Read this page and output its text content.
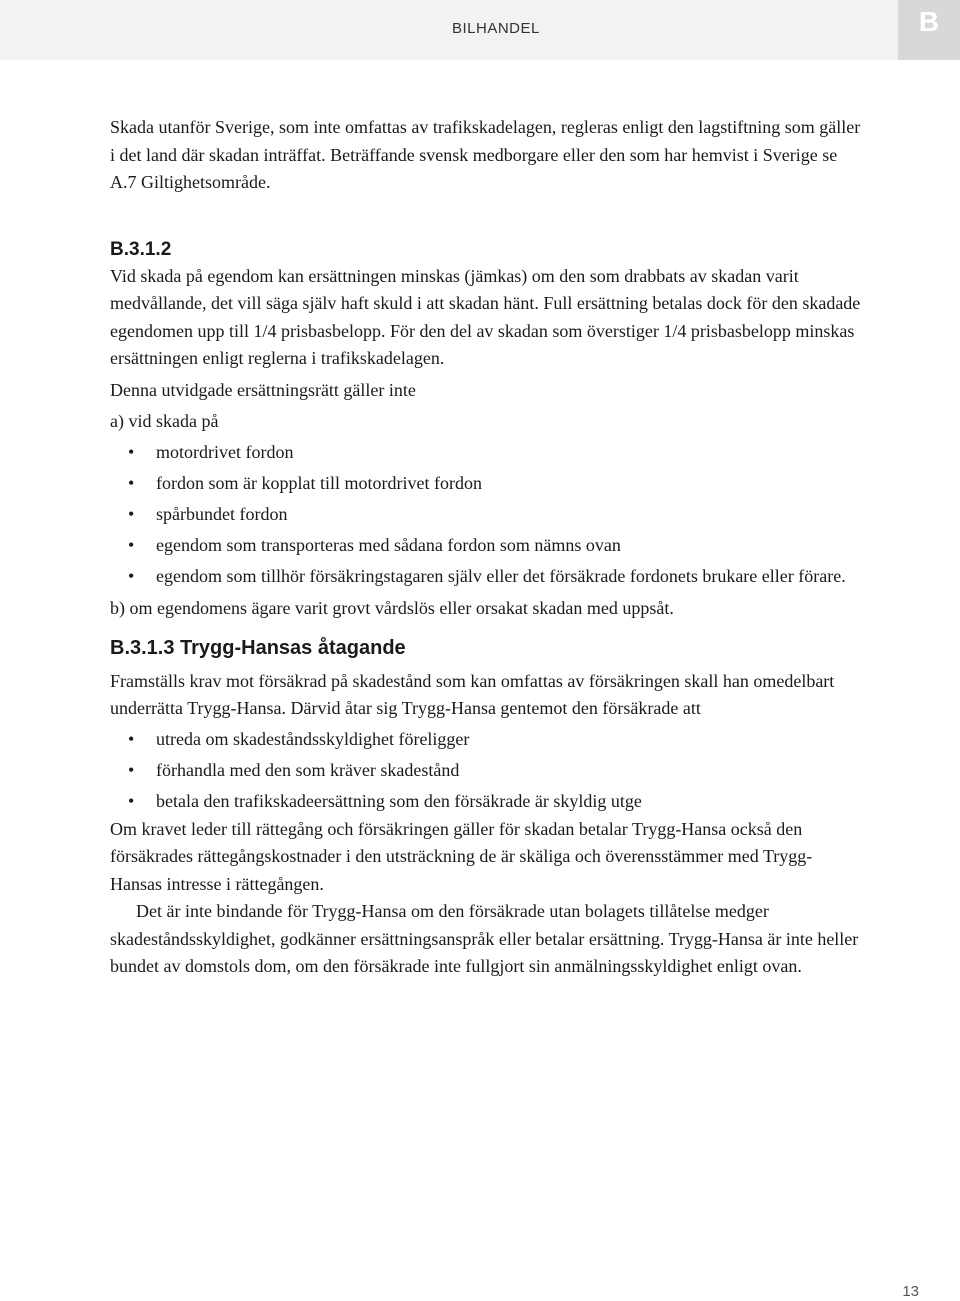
BILHANDEL	B

Skada utanför Sverige, som inte omfattas av trafikskadelagen, regleras enligt den lagstiftning som gäller i det land där skadan inträffat. Beträffande svensk medborgare eller den som har hemvist i Sverige se A.7 Giltighetsområde.

B.3.1.2

Vid skada på egendom kan ersättningen minskas (jämkas) om den som drabbats av skadan varit medvållande, det vill säga själv haft skuld i att skadan hänt. Full ersättning betalas dock för den skadade egendomen upp till 1/4 prisbasbelopp. För den del av skadan som överstiger 1/4 prisbasbelopp minskas ersättningen enligt reglerna i trafikskadelagen.

Denna utvidgade ersättningsrätt gäller inte

a) vid skada på

• motordrivet fordon
• fordon som är kopplat till motordrivet fordon
• spårbundet fordon
• egendom som transporteras med sådana fordon som nämns ovan
• egendom som tillhör försäkringstagaren själv eller det försäkrade fordonets brukare eller förare.

b) om egendomens ägare varit grovt vårdslös eller orsakat skadan med uppsåt.

B.3.1.3 Trygg-Hansas åtagande

Framställs krav mot försäkrad på skadestånd som kan omfattas av försäkringen skall han omedelbart underrätta Trygg-Hansa. Därvid åtar sig Trygg-Hansa gentemot den försäkrade att

• utreda om skadeståndsskyldighet föreligger
• förhandla med den som kräver skadestånd
• betala den trafikskadeersättning som den försäkrade är skyldig utge

Om kravet leder till rättegång och försäkringen gäller för skadan betalar Trygg-Hansa också den försäkrades rättegångskostnader i den utsträckning de är skäliga och överensstämmer med Trygg-Hansas intresse i rättegången.

Det är inte bindande för Trygg-Hansa om den försäkrade utan bolagets tillåtelse medger skadeståndsskyldighet, godkänner ersättningsanspråk eller betalar ersättning. Trygg-Hansa är inte heller bundet av domstols dom, om den försäkrade inte fullgjort sin anmälningsskyldighet enligt ovan.

13
